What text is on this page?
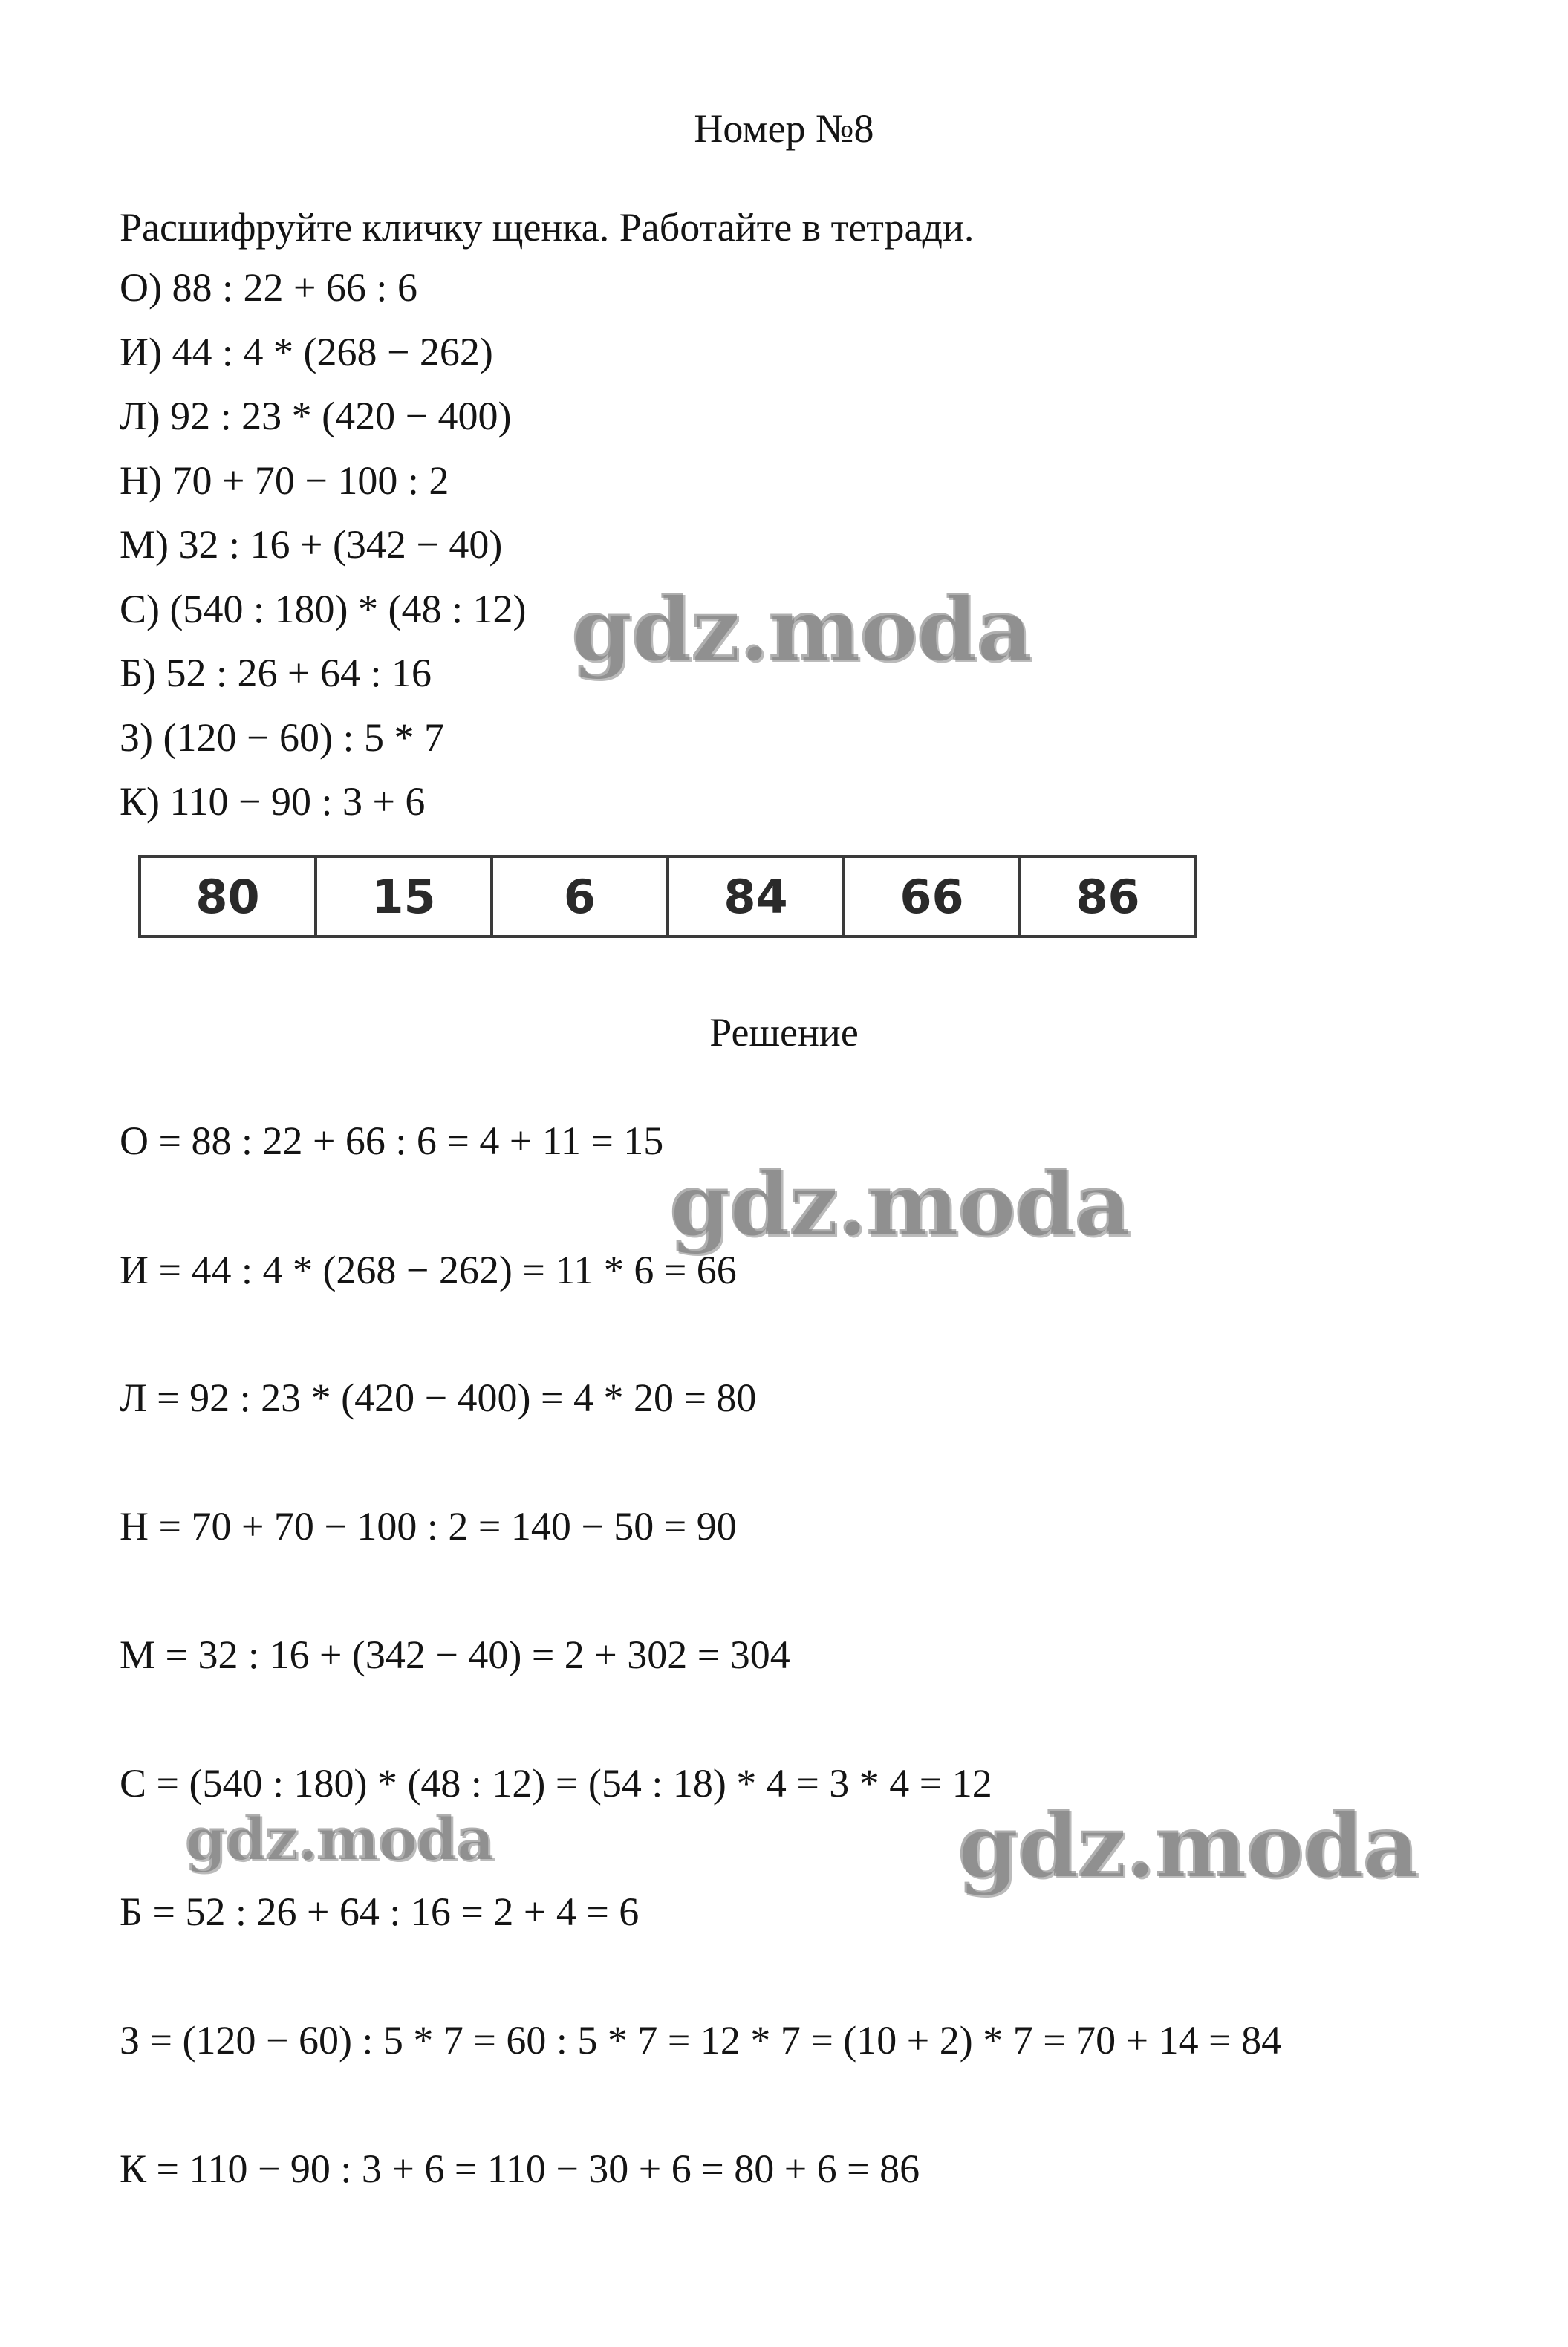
Номер №8
Расшифруйте кличку щенка. Работайте в тетради.
О) 88 : 22 + 66 : 6
И) 44 : 4 * (268 − 262)
Л) 92 : 23 * (420 − 400)
Н) 70 + 70 − 100 : 2
М) 32 : 16 + (342 − 40)
С) (540 : 180) * (48 : 12)
Б) 52 : 26 + 64 : 16
З) (120 − 60) : 5 * 7
К) 110 − 90 : 3 + 6
80	15	6	84	66	86
Решение
О = 88 : 22 + 66 : 6 = 4 + 11 = 15
И = 44 : 4 * (268 − 262) = 11 * 6 = 66
Л = 92 : 23 * (420 − 400) = 4 * 20 = 80
Н = 70 + 70 − 100 : 2 = 140 − 50 = 90
М = 32 : 16 + (342 − 40) = 2 + 302 = 304
С = (540 : 180) * (48 : 12) = (54 : 18) * 4 = 3 * 4 = 12
Б = 52 : 26 + 64 : 16 = 2 + 4 = 6
З = (120 − 60) : 5 * 7 = 60 : 5 * 7 = 12 * 7 = (10 + 2) * 7 = 70 + 14 = 84
К = 110 − 90 : 3 + 6 = 110 − 30 + 6 = 80 + 6 = 86
gdz.moda
gdz.moda
gdz.moda	gdz.moda
